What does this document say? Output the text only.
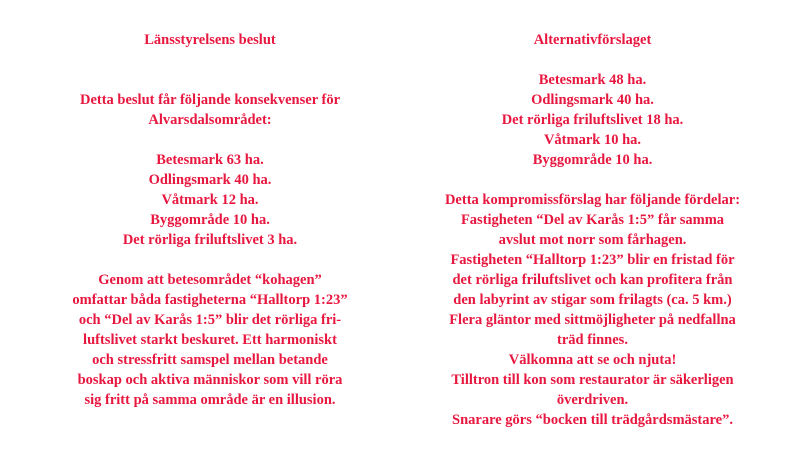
Länsstyrelsens beslut
Detta beslut får följande konsekvenser för
Alvarsdalsområdet:
Betesmark 63 ha.
Odlingsmark 40 ha.
Våtmark 12 ha.
Byggområde 10 ha.
Det rörliga friluftslivet 3 ha.
Genom att betesområdet “kohagen”
omfattar båda fastigheterna “Halltorp 1:23”
och “Del av Karås 1:5” blir det rörliga fri-
luftslivet starkt beskuret. Ett harmoniskt
och stressfritt samspel mellan betande
boskap och aktiva människor som vill röra
sig fritt på samma område är en illusion.
Alternativförslaget
Betesmark 48 ha.
Odlingsmark 40 ha.
Det rörliga friluftslivet 18 ha.
Våtmark 10 ha.
Byggområde 10 ha.
Detta kompromissförslag har följande fördelar:
Fastigheten “Del av Karås 1:5” får samma
avslut mot norr som fårhagen.
Fastigheten “Halltorp 1:23” blir en fristad för
det rörliga friluftslivet och kan profitera från
den labyrint av stigar som frilagts (ca. 5 km.)
Flera gläntor med sittmöjligheter på nedfallna
träd finnes.
Välkomna att se och njuta!
Tilltron till kon som restaurator är säkerligen
överdriven.
Snarare görs “bocken till trädgårdsmästare”.
